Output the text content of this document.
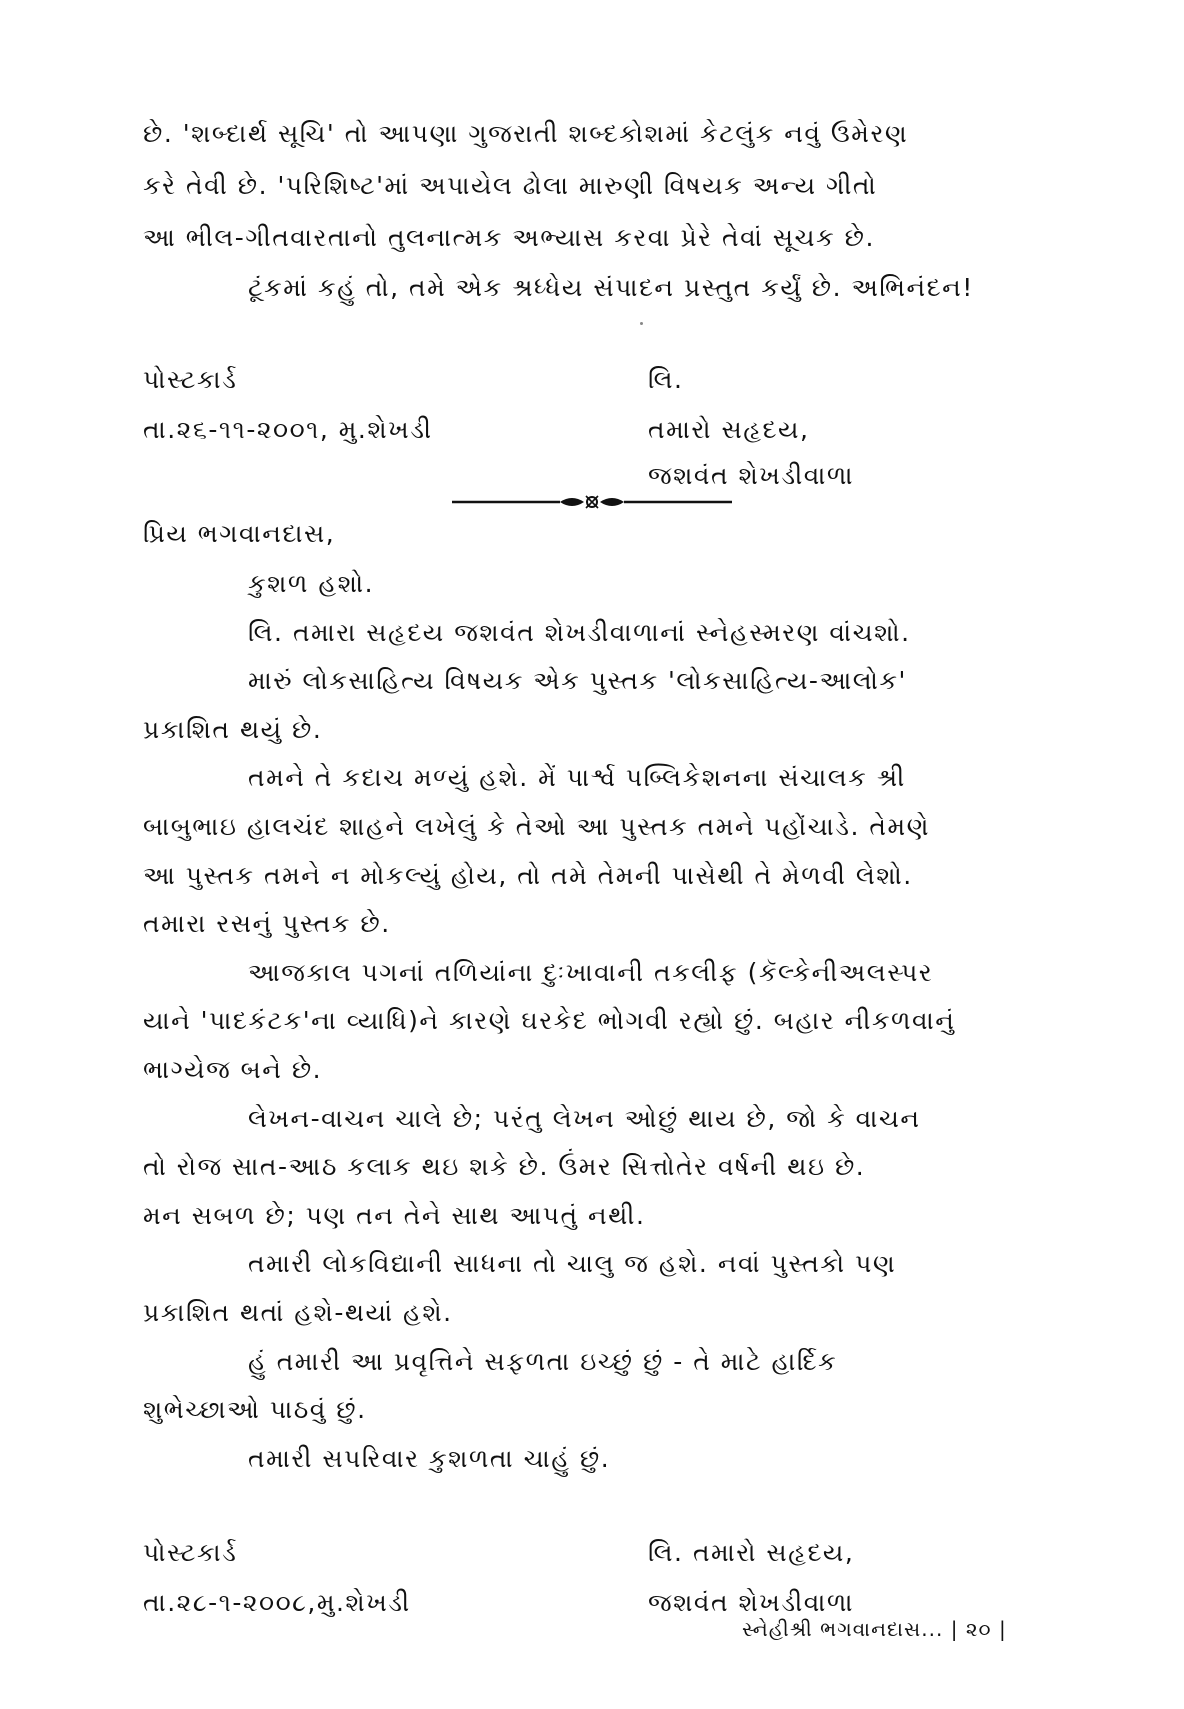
છે. 'શબ્દાર્થ સૂચિ' તો આપણા ગુજરાતી શબ્દકોશમાં કેટલુંક નવું ઉમેરણ
કરે તેવી છે. 'પરિશિષ્ટ'માં અપાયેલ ઢોલા મારુણી વિષયક અન્ય ગીતો
આ ભીલ-ગીતવારતાનો તુલનાત્મક અભ્યાસ કરવા પ્રેરે તેવાં સૂચક છે.
ટૂંકમાં કહું તો, તમે એક શ્રધ્ધેય સંપાદન પ્રસ્તુત કર્યું છે. અભિનંદન!
પોસ્ટકાર્ડ
તા.૨૬-૧૧-૨૦૦૧, મુ.શેખડી
લિ.
તમારો સહૃદય,
જશવંત શેખડીવાળા
પ્રિય ભગવાનદાસ,
કુશળ હશો.
લિ. તમારા સહૃદય જશવંત શેખડીવાળાનાં સ્નેહસ્મરણ વાંચશો.
મારું લોકસાહિત્ય વિષયક એક પુસ્તક 'લોકસાહિત્ય-આલોક'
પ્રકાશિત થયું છે.
તમને તે કદાચ મળ્યું હશે. મેં પાર્શ્વ પબ્લિકેશનના સંચાલક શ્રી
બાબુભાઇ હાલચંદ શાહને લખેલું કે તેઓ આ પુસ્તક તમને પહોંચાડે. તેમણે
આ પુસ્તક તમને ન મોકલ્યું હોય, તો તમે તેમની પાસેથી તે મેળવી લેશો.
તમારા રસનું પુસ્તક છે.
આજકાલ પગનાં તળિયાંના દુઃખાવાની તકલીફ (કૅલ્કેનીઅલસ્પર
યાને 'પાદકંટક'ના વ્યાધિ)ને કારણે ઘરકેદ ભોગવી રહ્યો છું. બહાર નીકળવાનું
ભાગ્યેજ બને છે.
લેખન-વાચન ચાલે છે; પરંતુ લેખન ઓછું થાય છે, જો કે વાચન
તો રોજ સાત-આઠ કલાક થઇ શકે છે. ઉંમર સિત્તોતેર વર્ષની થઇ છે.
મન સબળ છે; પણ તન તેને સાથ આપતું નથી.
તમારી લોકવિદ્યાની સાધના તો ચાલુ જ હશે. નવાં પુસ્તકો પણ
પ્રકાશિત થતાં હશે-થયાં હશે.
હું તમારી આ પ્રવૃત્તિને સફળતા ઇચ્છું છું - તે માટે હાર્દિક
શુભેચ્છાઓ પાઠવું છું.
તમારી સપરિવાર કુશળતા ચાહું છું.
પોસ્ટકાર્ડ
તા.૨૮-૧-૨૦૦૮,મુ.શેખડી
લિ. તમારો સહૃદય,
જશવંત શેખડીવાળા
સ્નેહીશ્રી ભગવાનદાસ... | ૨૦ |
